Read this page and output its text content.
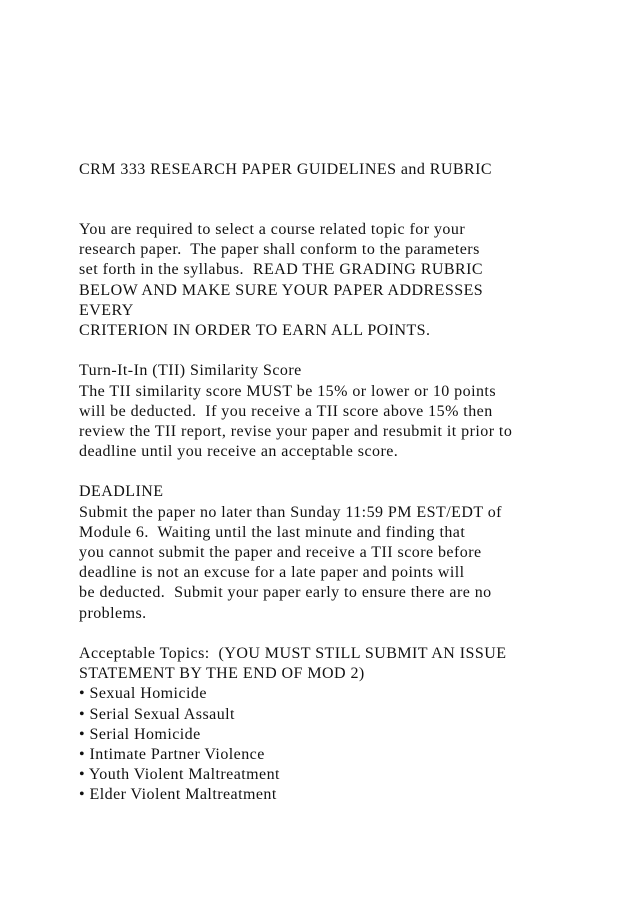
CRM 333 RESEARCH PAPER GUIDELINES and RUBRIC
You are required to select a course related topic for your
research paper.  The paper shall conform to the parameters
set forth in the syllabus.  READ THE GRADING RUBRIC
BELOW AND MAKE SURE YOUR PAPER ADDRESSES
EVERY
CRITERION IN ORDER TO EARN ALL POINTS.
Turn-It-In (TII) Similarity Score
The TII similarity score MUST be 15% or lower or 10 points
will be deducted.  If you receive a TII score above 15% then
review the TII report, revise your paper and resubmit it prior to
deadline until you receive an acceptable score.
DEADLINE
Submit the paper no later than Sunday 11:59 PM EST/EDT of
Module 6.  Waiting until the last minute and finding that
you cannot submit the paper and receive a TII score before
deadline is not an excuse for a late paper and points will
be deducted.  Submit your paper early to ensure there are no
problems.
Acceptable Topics:  (YOU MUST STILL SUBMIT AN ISSUE
STATEMENT BY THE END OF MOD 2)
• Sexual Homicide
• Serial Sexual Assault
• Serial Homicide
• Intimate Partner Violence
• Youth Violent Maltreatment
• Elder Violent Maltreatment
